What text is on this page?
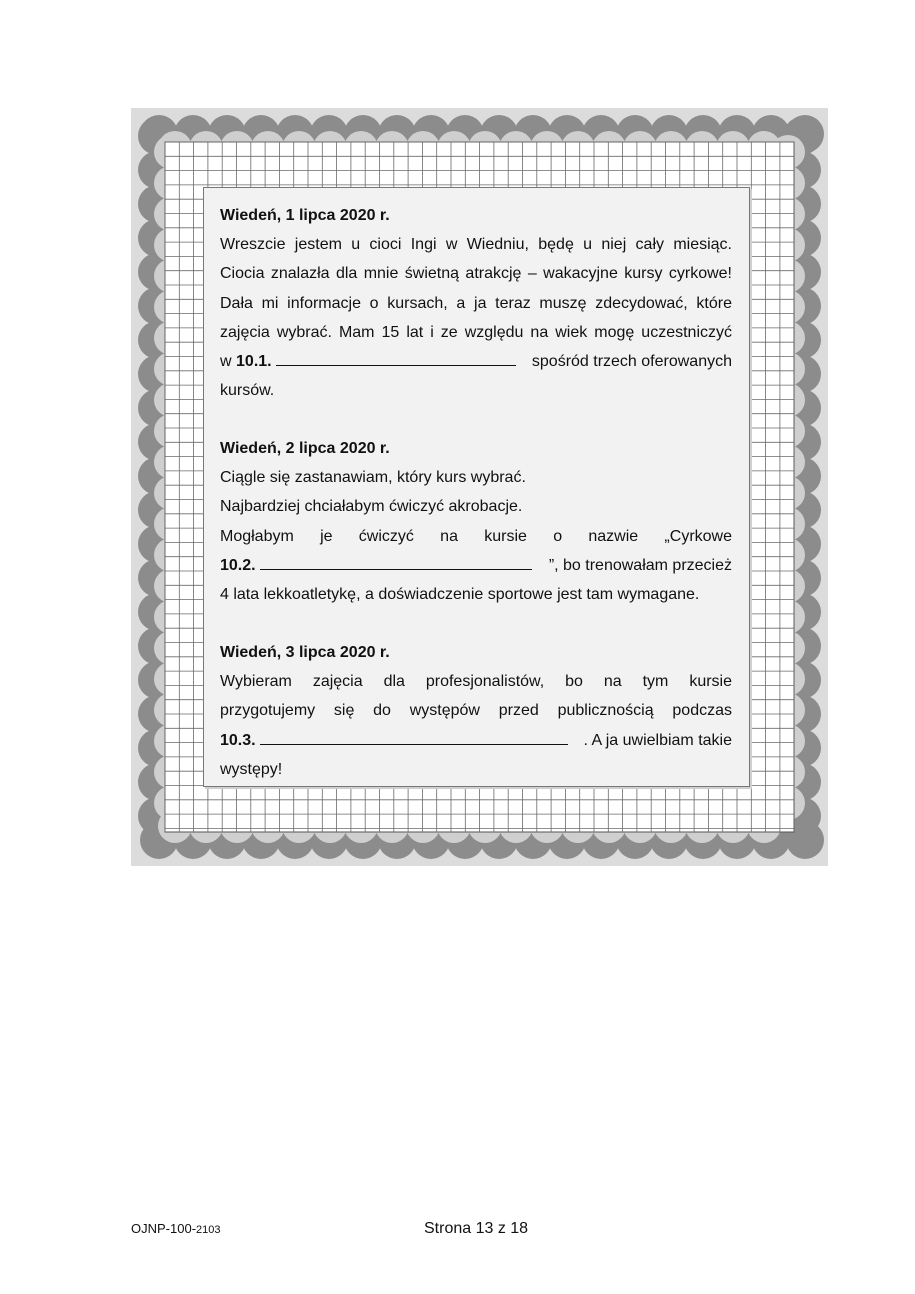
Wiedeń, 1 lipca 2020 r.

Wreszcie jestem u cioci Ingi w Wiedniu, będę u niej cały miesiąc.

Ciocia znalazła dla mnie świetną atrakcję – wakacyjne kursy cyrkowe!

Dała mi informacje o kursach, a ja teraz muszę zdecydować, które

zajęcia wybrać. Mam 15 lat i ze względu na wiek mogę uczestniczyć

w
10.1.

	spośród trzech oferowanych

kursów.

Wiedeń, 2 lipca 2020 r.

Ciągle się zastanawiam, który kurs wybrać.

Najbardziej chciałabym ćwiczyć akrobacje.

Mogłabym je ćwiczyć na kursie o nazwie „Cyrkowe

10.2.
	”, bo trenowałam przecież

4 lata lekkoatletykę, a doświadczenie sportowe jest tam wymagane.

Wiedeń, 3 lipca 2020 r.

Wybieram zajęcia dla profesjonalistów, bo na tym kursie

przygotujemy się do występów przed publicznością podczas

10.3.
	. A ja uwielbiam takie

występy!

OJNP-100-2103	Strona 13 z 18
